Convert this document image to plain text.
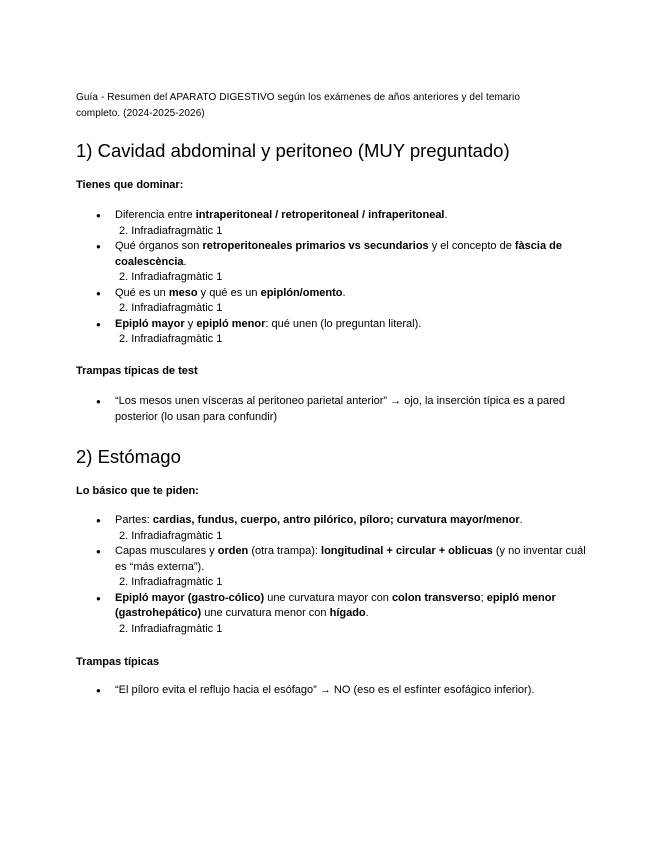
Guía - Resumen del APARATO DIGESTIVO según los exámenes de años anteriores y del temario completo. (2024-2025-2026)
1) Cavidad abdominal y peritoneo (MUY preguntado)
Tienes que dominar:
● Diferencia entre intraperitoneal / retroperitoneal / infraperitoneal.
2. Infradiafragmàtic 1
● Qué órganos son retroperitoneales primarios vs secundarios y el concepto de fàscia de coalescència.
2. Infradiafragmàtic 1
● Qué es un meso y qué es un epiplón/omento.
2. Infradiafragmàtic 1
● Epipló mayor y epipló menor: qué unen (lo preguntan literal).
2. Infradiafragmàtic 1
Trampas típicas de test
● “Los mesos unen vísceras al peritoneo parietal anterior” → ojo, la inserción típica es a pared posterior (lo usan para confundir)
2) Estómago
Lo básico que te piden:
● Partes: cardias, fundus, cuerpo, antro pilórico, píloro; curvatura mayor/menor.
2. Infradiafragmàtic 1
● Capas musculares y orden (otra trampa): longitudinal + circular + oblicuas (y no inventar cuál es “más externa”).
2. Infradiafragmàtic 1
● Epipló mayor (gastro-cólico) une curvatura mayor con colon transverso; epipló menor (gastrohepático) une curvatura menor con hígado.
2. Infradiafragmàtic 1
Trampas típicas
● “El píloro evita el reflujo hacia el esófago” → NO (eso es el esfínter esofágico inferior).
